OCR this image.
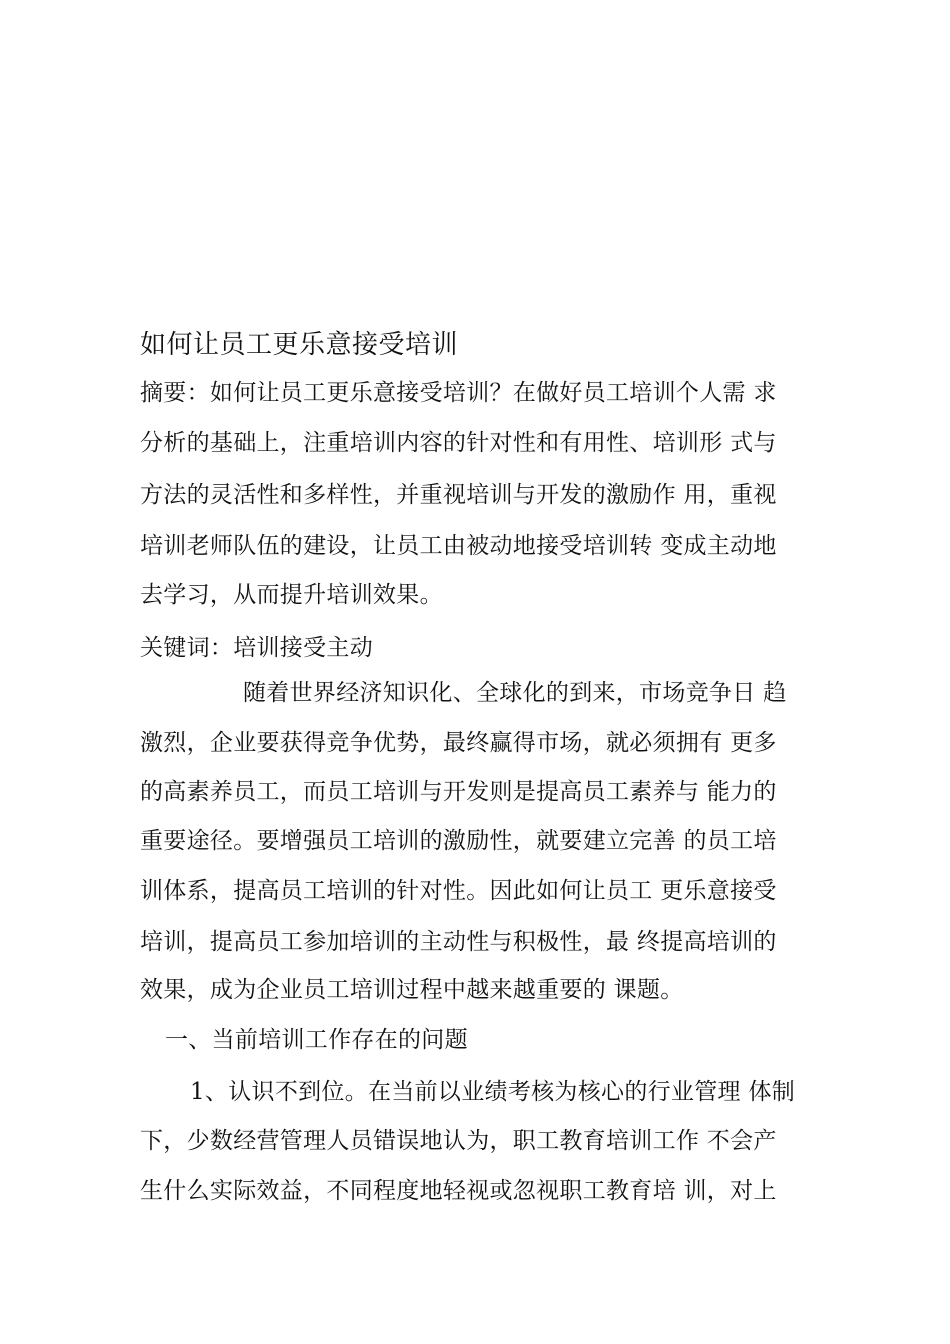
如何让员工更乐意接受培训
摘要：如何让员工更乐意接受培训？在做好员工培训个人需 求
分析的基础上，注重培训内容的针对性和有用性、培训形 式与
方法的灵活性和多样性，并重视培训与开发的激励作 用，重视
培训老师队伍的建设，让员工由被动地接受培训转 变成主动地
去学习，从而提升培训效果。
关键词：培训接受主动
随着世界经济知识化、全球化的到来，市场竞争日 趋
激烈，企业要获得竞争优势，最终赢得市场，就必须拥有 更多
的高素养员工，而员工培训与开发则是提高员工素养与 能力的
重要途径。要增强员工培训的激励性，就要建立完善 的员工培
训体系，提高员工培训的针对性。因此如何让员工 更乐意接受
培训，提高员工参加培训的主动性与积极性，最 终提高培训的
效果，成为企业员工培训过程中越来越重要的 课题。
一、当前培训工作存在的问题
1、认识不到位。在当前以业绩考核为核心的行业管理 体制
下，少数经营管理人员错误地认为，职工教育培训工作 不会产
生什么实际效益，不同程度地轻视或忽视职工教育培 训，对上
